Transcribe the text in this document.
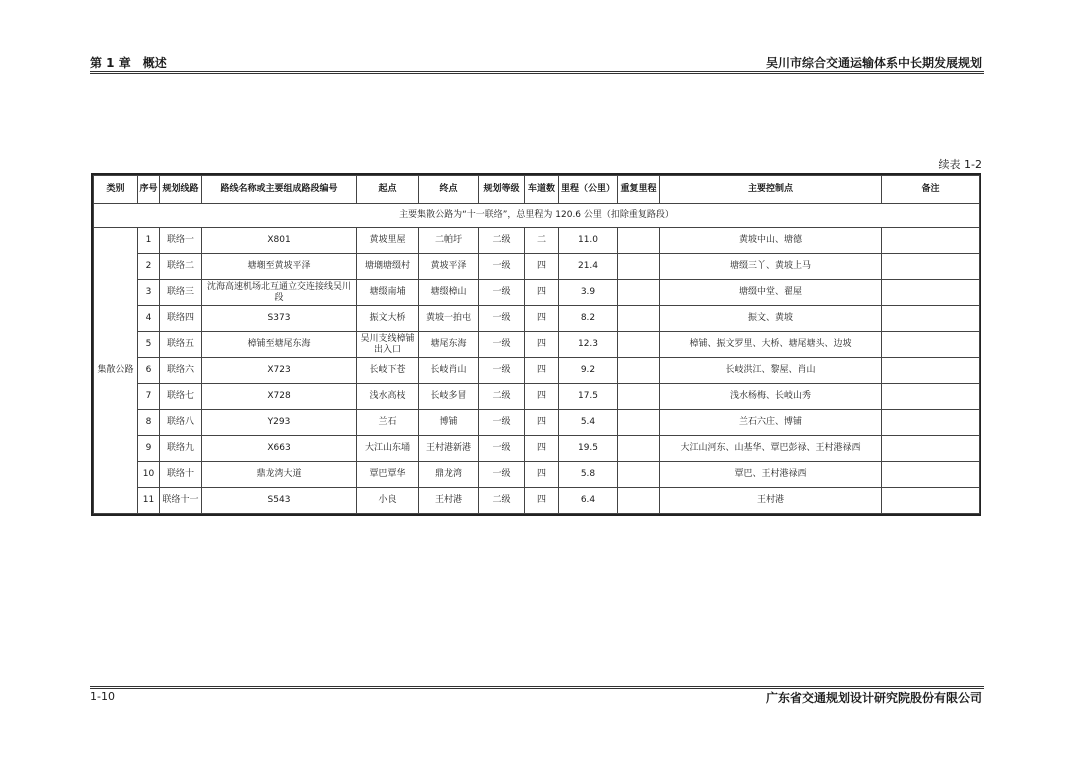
第 1 章　概述	吴川市综合交通运输体系中长期发展规划
续表 1-2
类别	序号	规划线路	路线名称或主要组成路段编号	起点	终点	规划等级	车道数	里程（公里）	重复里程	主要控制点	备注
主要集散公路为“十一联络”，总里程为 120.6 公里（扣除重复路段）											
集散公路	1	联络一	X801	黄坡里屋	二帕圩	二级	二	11.0		黄坡中山、塘德	
	2	联络二	塘㙟至黄坡平泽	塘㙟塘缀村	黄坡平泽	一级	四	21.4		塘缀三丫、黄坡上马	
	3	联络三	沈海高速机场北互通立交连接线吴川段	塘缀南埔	塘缀樟山	一级	四	3.9		塘缀中堂、翟屋	
	4	联络四	S373	振文大桥	黄坡一拍屯	一级	四	8.2		振文、黄坡	
	5	联络五	樟铺至塘尾东海	吴川支线樟铺出入口	塘尾东海	一级	四	12.3		樟铺、振文罗里、大桥、塘尾塘头、边坡	
	6	联络六	X723	长岐下苍	长岐肖山	一级	四	9.2		长岐洪江、黎屋、肖山	
	7	联络七	X728	浅水高枝	长岐多冒	二级	四	17.5		浅水杨梅、长岐山秀	
	8	联络八	Y293	兰石	博铺	一级	四	5.4		兰石六庄、博铺	
	9	联络九	X663	大江山东埇	王村港新港	一级	四	19.5		大江山河东、山基华、覃巴彭禄、王村港禄西	
	10	联络十	鼎龙湾大道	覃巴覃华	鼎龙湾	一级	四	5.8		覃巴、王村港禄西	
	11	联络十一	S543	小良	王村港	二级	四	6.4		王村港	
1-10	广东省交通规划设计研究院股份有限公司
